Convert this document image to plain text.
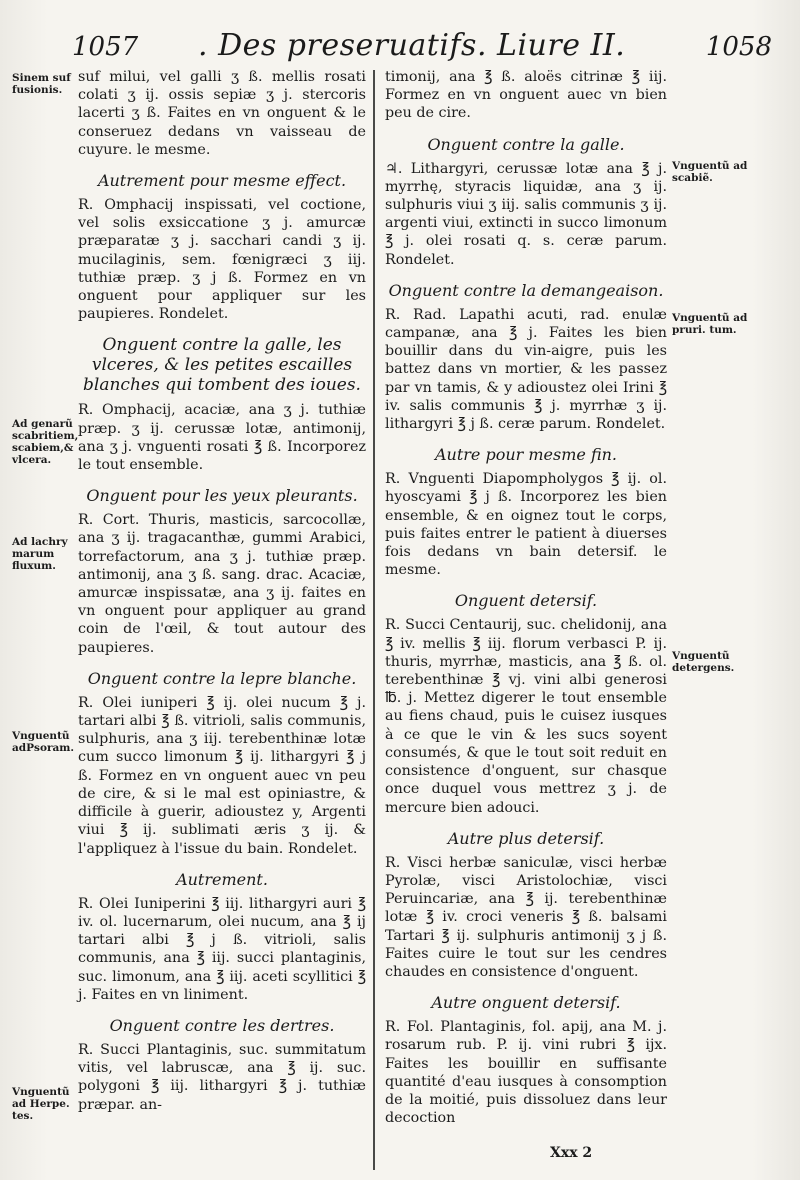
1057 . Des preseruatifs. Liure II.	1058
Sinem suf fusionis.
Ad genarũ scabritiem, scabiem,& vlcera.
Ad lachry marum fluxum.
Vnguentũ adPsoram.
Vnguentũ ad Herpe. tes.
Vnguentũ ad scabiẽ.
Vnguentũ ad pruri. tum.
Vnguentũ detergens.

suf milui, vel galli ʒ ß. mellis rosati colati ʒ ij. ossis sepiæ ʒ j. stercoris lacerti ʒ ß. Faites en vn onguent & le conseruez dedans vn vaisseau de cuyure. le mesme.

Autrement pour mesme effect.

R. Omphacij inspissati, vel coctione, vel solis exsiccatione ʒ j. amurcæ præparatæ ʒ j. sacchari candi ʒ ij. mucilaginis, sem. fœnigræci ʒ iij. tuthiæ præp. ʒ j ß. Formez en vn onguent pour appliquer sur les paupieres. Rondelet.

Onguent contre la galle, les vlceres, & les petites escailles blanches qui tombent des ioues.

R. Omphacij, acaciæ, ana ʒ j. tuthiæ præp. ʒ ij. cerussæ lotæ, antimonij, ana ʒ j. vnguenti rosati ℥ ß. Incorporez le tout ensemble.

Onguent pour les yeux pleurants.

R. Cort. Thuris, masticis, sarcocollæ, ana ʒ ij. tragacanthæ, gummi Arabici, torrefactorum, ana ʒ j. tuthiæ præp. antimonij, ana ʒ ß. sang. drac. Acaciæ, amurcæ inspissatæ, ana ʒ ij. faites en vn onguent pour appliquer au grand coin de l'œil, & tout autour des paupieres.

Onguent contre la lepre blanche.

R. Olei iuniperi ℥ ij. olei nucum ℥ j. tartari albi ℥ ß. vitrioli, salis communis, sulphuris, ana ʒ iij. terebenthinæ lotæ cum succo limonum ℥ ij. lithargyri ℥ j ß. Formez en vn onguent auec vn peu de cire, & si le mal est opiniastre, & difficile à guerir, adioustez y, Argenti viui ℥ ij. sublimati æris ʒ ij. & l'appliquez à l'issue du bain. Rondelet.

Autrement.

R. Olei Iuniperini ℥ iij. lithargyri auri ℥ iv. ol. lucernarum, olei nucum, ana ℥ ij tartari albi ℥ j ß. vitrioli, salis communis, ana ℥ iij. succi plantaginis, suc. limonum, ana ℥ iij. aceti scyllitici ℥ j. Faites en vn liniment.

Onguent contre les dertres.

R. Succi Plantaginis, suc. summitatum vitis, vel labruscæ, ana ℥ ij. suc. polygoni ℥ iij. lithargyri ℥ j. tuthiæ præpar. an-

timonij, ana ℥ ß. aloës citrinæ ℥ iij. Formez en vn onguent auec vn bien peu de cire.

Onguent contre la galle.

♃. Lithargyri, cerussæ lotæ ana ℥ j. myrrhę, styracis liquidæ, ana ʒ ij. sulphuris viui ʒ iij. salis communis ʒ ij. argenti viui, extincti in succo limonum ℥ j. olei rosati q. s. ceræ parum. Rondelet.

Onguent contre la demangeaison.

R. Rad. Lapathi acuti, rad. enulæ campanæ, ana ℥ j. Faites les bien bouillir dans du vin-aigre, puis les battez dans vn mortier, & les passez par vn tamis, & y adioustez olei Irini ℥ iv. salis communis ℥ j. myrrhæ ʒ ij. lithargyri ℥ j ß. ceræ parum. Rondelet.

Autre pour mesme fin.

R. Vnguenti Diapompholygos ℥ ij. ol. hyoscyami ℥ j ß. Incorporez les bien ensemble, & en oignez tout le corps, puis faites entrer le patient à diuerses fois dedans vn bain detersif. le mesme.

Onguent detersif.

R. Succi Centaurij, suc. chelidonij, ana ℥ iv. mellis ℥ iij. florum verbasci P. ij. thuris, myrrhæ, masticis, ana ℥ ß. ol. terebenthinæ ℥ vj. vini albi generosi ℔. j. Mettez digerer le tout ensemble au fiens chaud, puis le cuisez iusques à ce que le vin & les sucs soyent consumés, & que le tout soit reduit en consistence d'onguent, sur chasque once duquel vous mettrez ʒ j. de mercure bien adouci.

Autre plus detersif.

R. Visci herbæ saniculæ, visci herbæ Pyrolæ, visci Aristolochiæ, visci Peruincariæ, ana ℥ ij. terebenthinæ lotæ ℥ iv. croci veneris ℥ ß. balsami Tartari ℥ ij. sulphuris antimonij ʒ j ß. Faites cuire le tout sur les cendres chaudes en consistence d'onguent.

Autre onguent detersif.

R. Fol. Plantaginis, fol. apij, ana M. j. rosarum rub. P. ij. vini rubri ℥ ijx. Faites les bouillir en suffisante quantité d'eau iusques à consomption de la moitié, puis dissoluez dans leur decoction

Xxx 2
